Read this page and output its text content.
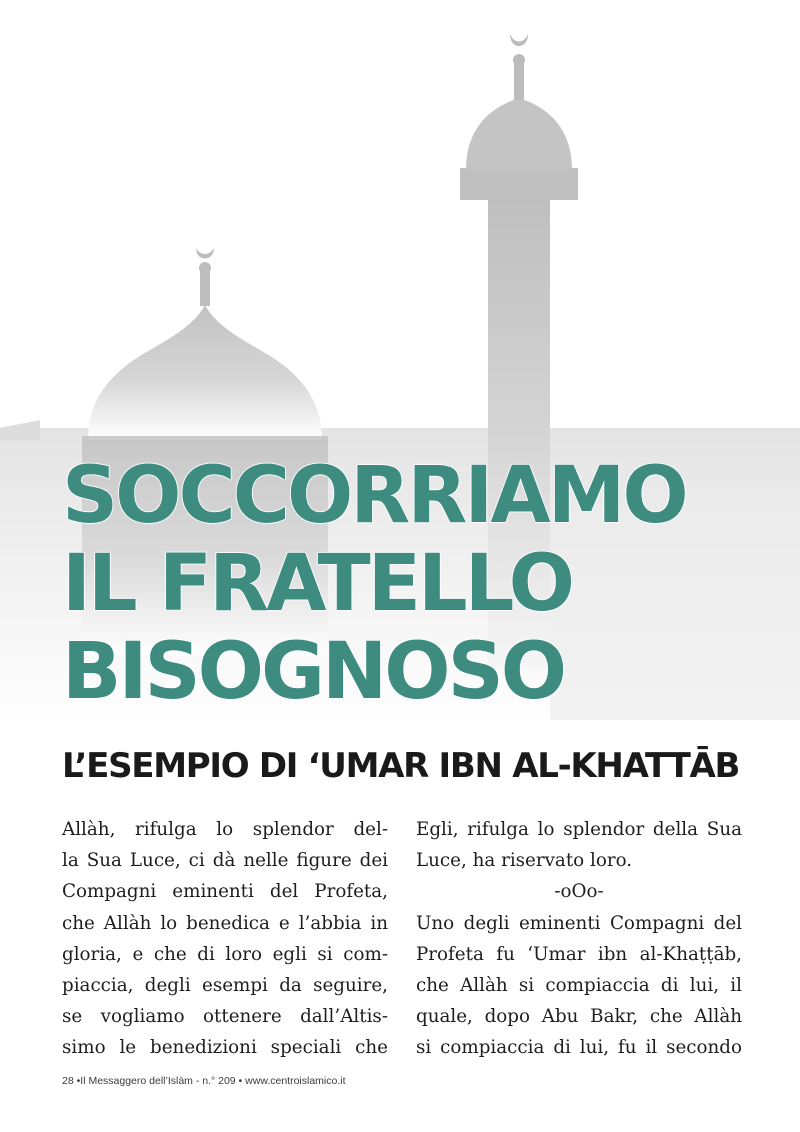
SOCCORRIAMO
IL FRATELLO
BISOGNOSO
L’ESEMPIO DI ‘UMAR IBN AL-KHATTĀB
Allàh, rifulga lo splendor del-
la Sua Luce, ci dà nelle figure dei
Compagni eminenti del Profeta,
che Allàh lo benedica e l’abbia in
gloria, e che di loro egli si com-
piaccia, degli esempi da seguire,
se vogliamo ottenere dall’Altis-
simo le benedizioni speciali che
Egli, rifulga lo splendor della Sua
Luce, ha riservato loro.
-oOo-
Uno degli eminenti Compagni del
Profeta fu ‘Umar ibn al-Khaṭṭāb,
che Allàh si compiaccia di lui, il
quale, dopo Abu Bakr, che Allàh
si compiaccia di lui, fu il secondo
28 •Il Messaggero dell’Islàm - n.° 209 • www.centroislamico.it
